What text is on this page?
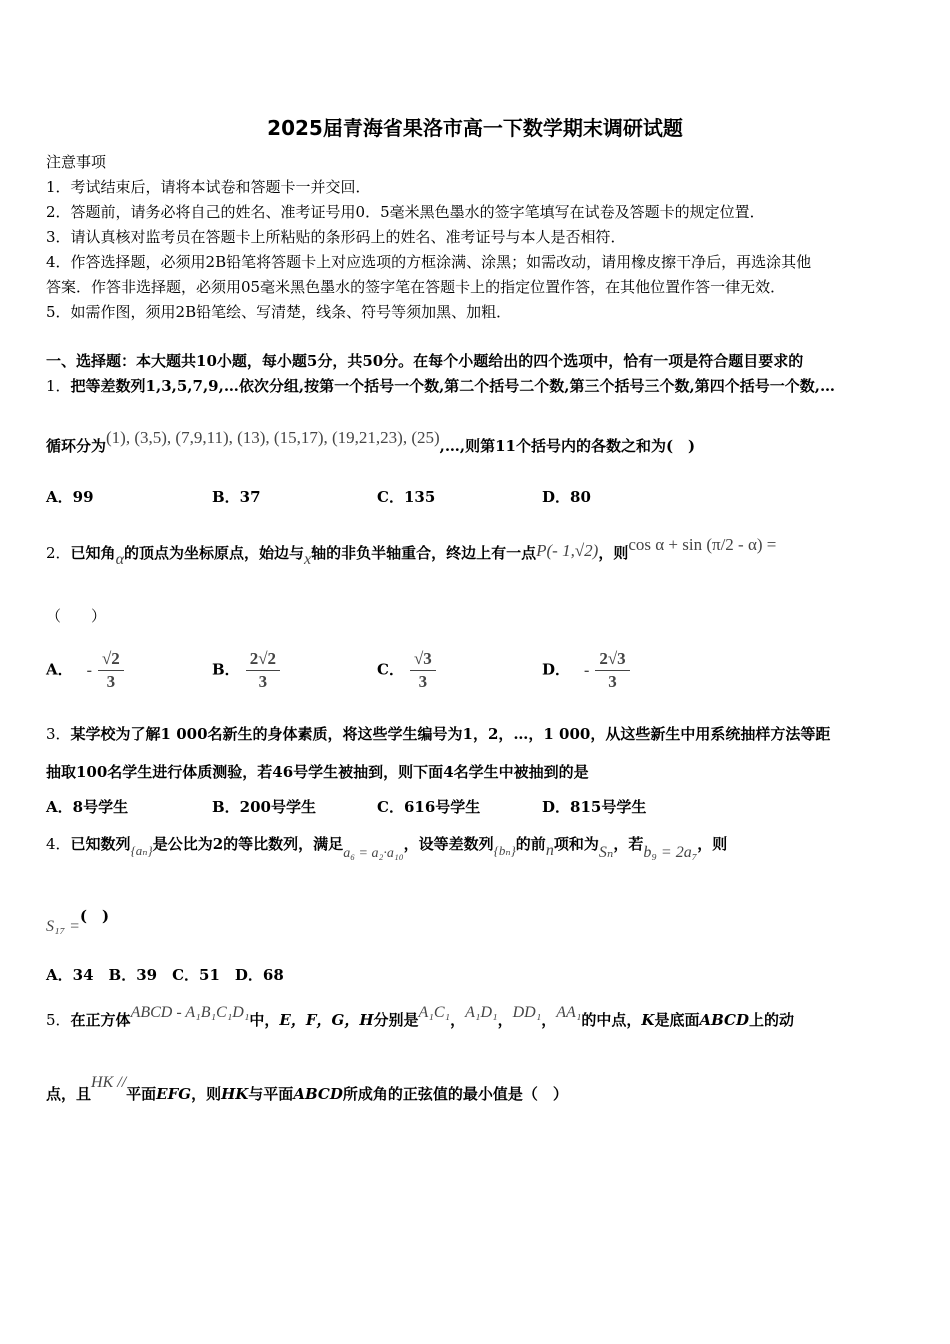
2025届青海省果洛市高一下数学期末调研试题
注意事项
1．考试结束后，请将本试卷和答题卡一并交回．
2．答题前，请务必将自己的姓名、准考证号用0．5毫米黑色墨水的签字笔填写在试卷及答题卡的规定位置．
3．请认真核对监考员在答题卡上所粘贴的条形码上的姓名、准考证号与本人是否相符．
4．作答选择题，必须用2B铅笔将答题卡上对应选项的方框涂满、涂黑；如需改动，请用橡皮擦干净后，再选涂其他
答案．作答非选择题，必须用05毫米黑色墨水的签字笔在答题卡上的指定位置作答，在其他位置作答一律无效．
5．如需作图，须用2B铅笔绘、写清楚，线条、符号等须加黑、加粗．
一、选择题：本大题共10小题，每小题5分，共50分。在每个小题给出的四个选项中，恰有一项是符合题目要求的
1．把等差数列1,3,5,7,9,…依次分组,按第一个括号一个数,第二个括号二个数,第三个括号三个数,第四个括号一个数,…
循环分为(1), (3,5), (7,9,11), (13), (15,17), (19,21,23), (25),…,则第11个括号内的各数之和为(　)
A．99	B．37	C．135	D．80
2．已知角α的顶点为坐标原点，始边与x轴的非负半轴重合，终边上有一点P(- 1,√2)，则cos α + sin (π/2 - α) =
（　　）
A． - $\frac{√2}{3}$	B． $\frac{2√2}{3}$	C． $\frac{√3}{3}$	D． - $\frac{2√3}{3}$
3．某学校为了解1 000名新生的身体素质，将这些学生编号为1，2，…，1 000，从这些新生中用系统抽样方法等距
抽取100名学生进行体质测验，若46号学生被抽到，则下面4名学生中被抽到的是
A．8号学生	B．200号学生	C．616号学生	D．815号学生
4．已知数列{aₙ}是公比为2的等比数列，满足a₆ = a₂·a₁₀，设等差数列{bₙ}的前n项和为Sₙ，若b₉ = 2a₇，则
S₁₇ =(　)
A．34　B．39　C．51　D．68
5．在正方体ABCD - A₁B₁C₁D₁中，E，F，G，H分别是A₁C₁，A₁D₁，DD₁，AA₁的中点，K是底面ABCD上的动
点，且HK //平面EFG，则HK与平面ABCD所成角的正弦值的最小值是（　）
